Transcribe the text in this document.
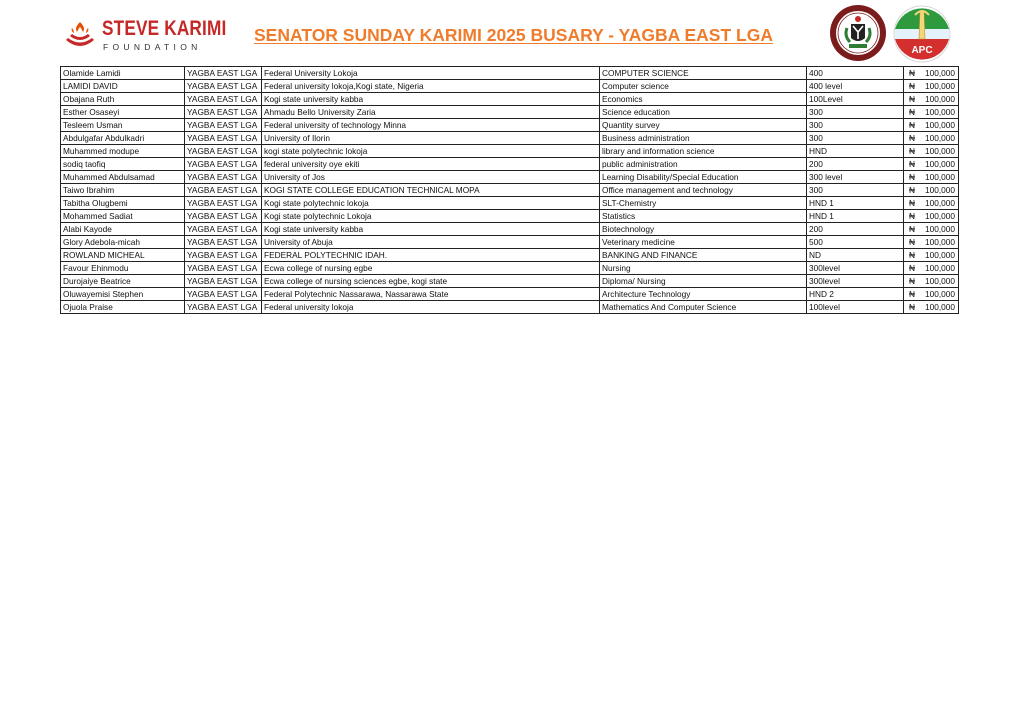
STEVE KARIMI
FOUNDATION
SENATOR SUNDAY KARIMI 2025 BUSARY - YAGBA EAST LGA
APC
Olamide Lamidi	YAGBA EAST LGA	Federal University Lokoja	COMPUTER SCIENCE	400	₦ 100,000

LAMIDI DAVID	YAGBA EAST LGA	Federal university lokoja,Kogi state, Nigeria	Computer science	400 level	₦ 100,000

Obajana Ruth	YAGBA EAST LGA	Kogi state university kabba	Economics	100Level	₦ 100,000

Esther Osaseyi	YAGBA EAST LGA	Ahmadu Bello University Zaria	Science education	300	₦ 100,000

Tesleem Usman	YAGBA EAST LGA	Federal university of technology Minna	Quantity survey	300	₦ 100,000

Abdulgafar Abdulkadri	YAGBA EAST LGA	University of Ilorin	Business administration	300	₦ 100,000

Muhammed modupe	YAGBA EAST LGA	kogi state polytechnic lokoja	library and information science	HND	₦ 100,000

sodiq taofiq	YAGBA EAST LGA	federal university oye ekiti	public administration	200	₦ 100,000

Muhammed Abdulsamad	YAGBA EAST LGA	University of Jos	Learning Disability/Special Education	300 level	₦ 100,000

Taiwo Ibrahim	YAGBA EAST LGA	KOGI STATE COLLEGE EDUCATION TECHNICAL MOPA	Office management and technology	300	₦ 100,000

Tabitha Olugbemi	YAGBA EAST LGA	Kogi state polytechnic lokoja	SLT-Chemistry	HND 1	₦ 100,000

Mohammed Sadiat	YAGBA EAST LGA	Kogi state polytechnic Lokoja	Statistics	HND 1	₦ 100,000

Alabi Kayode	YAGBA EAST LGA	Kogi state university kabba	Biotechnology	200	₦ 100,000

Glory Adebola-micah	YAGBA EAST LGA	University of Abuja	Veterinary medicine	500	₦ 100,000

ROWLAND MICHEAL	YAGBA EAST LGA	FEDERAL POLYTECHNIC IDAH.	BANKING AND FINANCE	ND	₦ 100,000

Favour Ehinmodu	YAGBA EAST LGA	Ecwa college of nursing egbe	Nursing	300level	₦ 100,000

Durojaiye Beatrice	YAGBA EAST LGA	Ecwa college of nursing sciences egbe, kogi state	Diploma/ Nursing	300level	₦ 100,000

Oluwayemisi Stephen	YAGBA EAST LGA	Federal Polytechnic Nassarawa, Nassarawa State	Architecture Technology	HND 2	₦ 100,000

Ojuola Praise	YAGBA EAST LGA	Federal university lokoja	Mathematics And Computer Science	100level	₦ 100,000
